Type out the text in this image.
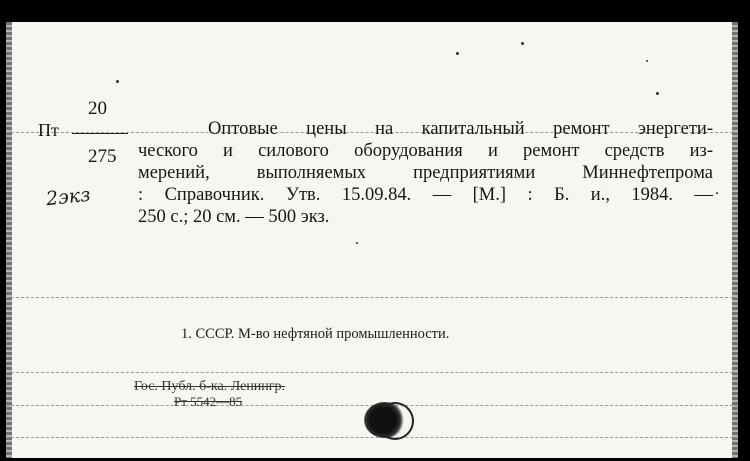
20
Пт
275
2экз
Оптовые цены на капитальный ремонт энергети-
ческого и силового оборудования и ремонт средств из-
мерений, выполняемых предприятиями Миннефтепрома
: Справочник. Утв. 15.09.84. — [М.] : Б. и., 1984. —
250 с.; 20 см. — 500 экз.
1. СССР. М-во нефтяной промышленности.
Гос. Публ. б-ка. Ленингр.
Рт 5542—85
